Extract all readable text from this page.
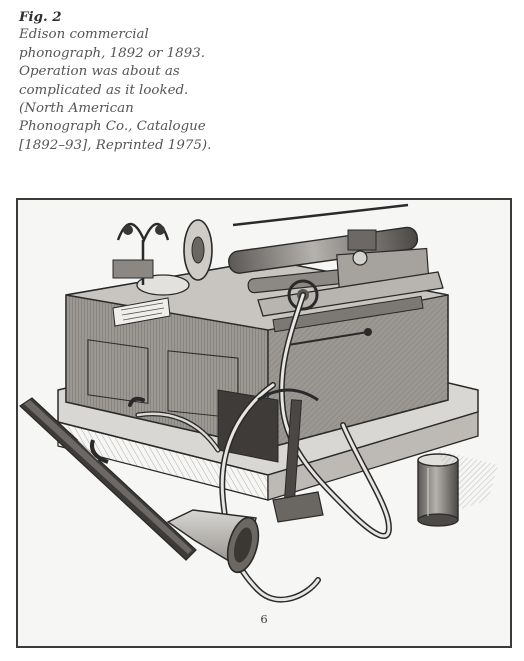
Fig. 2
Edison commercial phonograph, 1892 or 1893. Operation was about as complicated as it looked. (North American Phonograph Co., Catalogue [1892–93], Reprinted 1975).
6
